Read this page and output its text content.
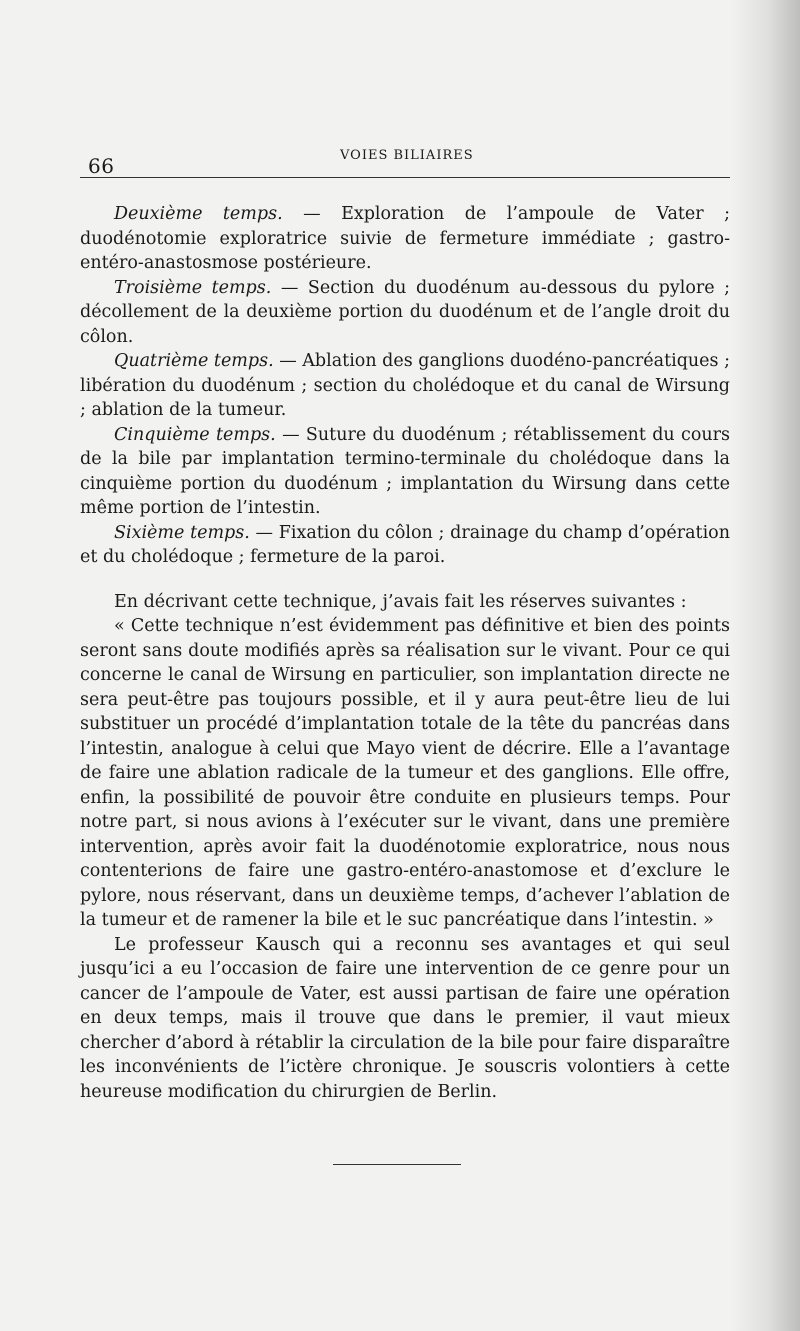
66	VOIES BILIAIRES

Deuxième temps. — Exploration de l’ampoule de Vater ; duodénotomie exploratrice suivie de fermeture immédiate ; gastro-entéro-anastosmose postérieure.

Troisième temps. — Section du duodénum au-dessous du pylore ; décollement de la deuxième portion du duodénum et de l’angle droit du côlon.

Quatrième temps. — Ablation des ganglions duodéno-pancréatiques ; libération du duodénum ; section du cholédoque et du canal de Wirsung ; ablation de la tumeur.

Cinquième temps. — Suture du duodénum ; rétablissement du cours de la bile par implantation termino-terminale du cholédoque dans la cinquième portion du duodénum ; implantation du Wirsung dans cette même portion de l’intestin.

Sixième temps. — Fixation du côlon ; drainage du champ d’opération et du cholédoque ; fermeture de la paroi.

En décrivant cette technique, j’avais fait les réserves suivantes :

« Cette technique n’est évidemment pas définitive et bien des points seront sans doute modifiés après sa réalisation sur le vivant. Pour ce qui concerne le canal de Wirsung en particulier, son implantation directe ne sera peut-être pas toujours possible, et il y aura peut-être lieu de lui substituer un procédé d’implantation totale de la tête du pancréas dans l’intestin, analogue à celui que Mayo vient de décrire. Elle a l’avantage de faire une ablation radicale de la tumeur et des ganglions. Elle offre, enfin, la possibilité de pouvoir être conduite en plusieurs temps. Pour notre part, si nous avions à l’exécuter sur le vivant, dans une première intervention, après avoir fait la duodénotomie exploratrice, nous nous contenterions de faire une gastro-entéro-anastomose et d’exclure le pylore, nous réservant, dans un deuxième temps, d’achever l’ablation de la tumeur et de ramener la bile et le suc pancréatique dans l’intestin. »

Le professeur Kausch qui a reconnu ses avantages et qui seul jusqu’ici a eu l’occasion de faire une intervention de ce genre pour un cancer de l’ampoule de Vater, est aussi partisan de faire une opération en deux temps, mais il trouve que dans le premier, il vaut mieux chercher d’abord à rétablir la circulation de la bile pour faire disparaître les inconvénients de l’ictère chronique. Je souscris volontiers à cette heureuse modification du chirurgien de Berlin.
